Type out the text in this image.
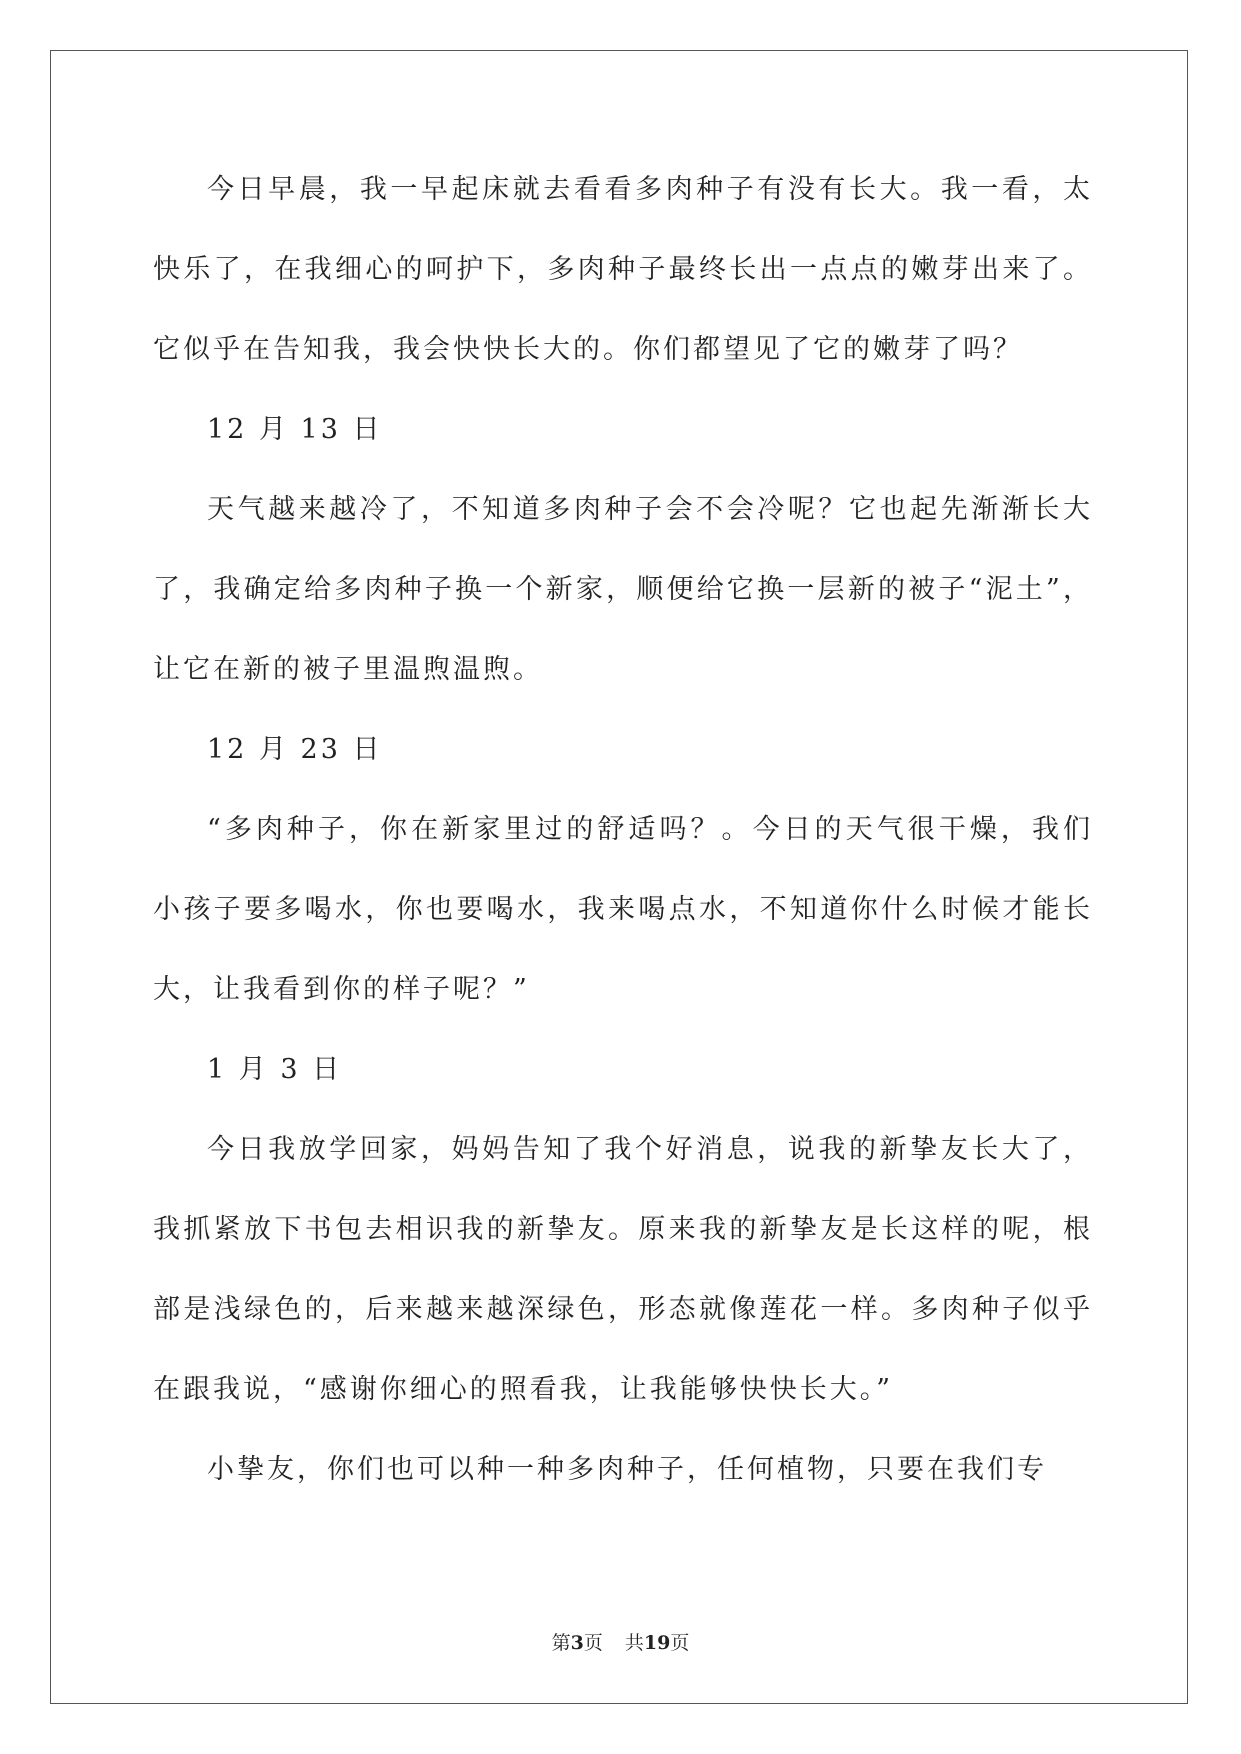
今日早晨，我一早起床就去看看多肉种子有没有长大。我一看，太快乐了，在我细心的呵护下，多肉种子最终长出一点点的嫩芽出来了。它似乎在告知我，我会快快长大的。你们都望见了它的嫩芽了吗？

12 月 13 日

天气越来越冷了，不知道多肉种子会不会冷呢？它也起先渐渐长大了，我确定给多肉种子换一个新家，顺便给它换一层新的被子“泥土”，让它在新的被子里温煦温煦。

12 月 23 日

“多肉种子，你在新家里过的舒适吗？。今日的天气很干燥，我们小孩子要多喝水，你也要喝水，我来喝点水，不知道你什么时候才能长大，让我看到你的样子呢？”

1 月 3 日

今日我放学回家，妈妈告知了我个好消息，说我的新挚友长大了，我抓紧放下书包去相识我的新挚友。原来我的新挚友是长这样的呢，根部是浅绿色的，后来越来越深绿色，形态就像莲花一样。多肉种子似乎在跟我说，“感谢你细心的照看我，让我能够快快长大。”

小挚友，你们也可以种一种多肉种子，任何植物，只要在我们专

第3页 共19页
